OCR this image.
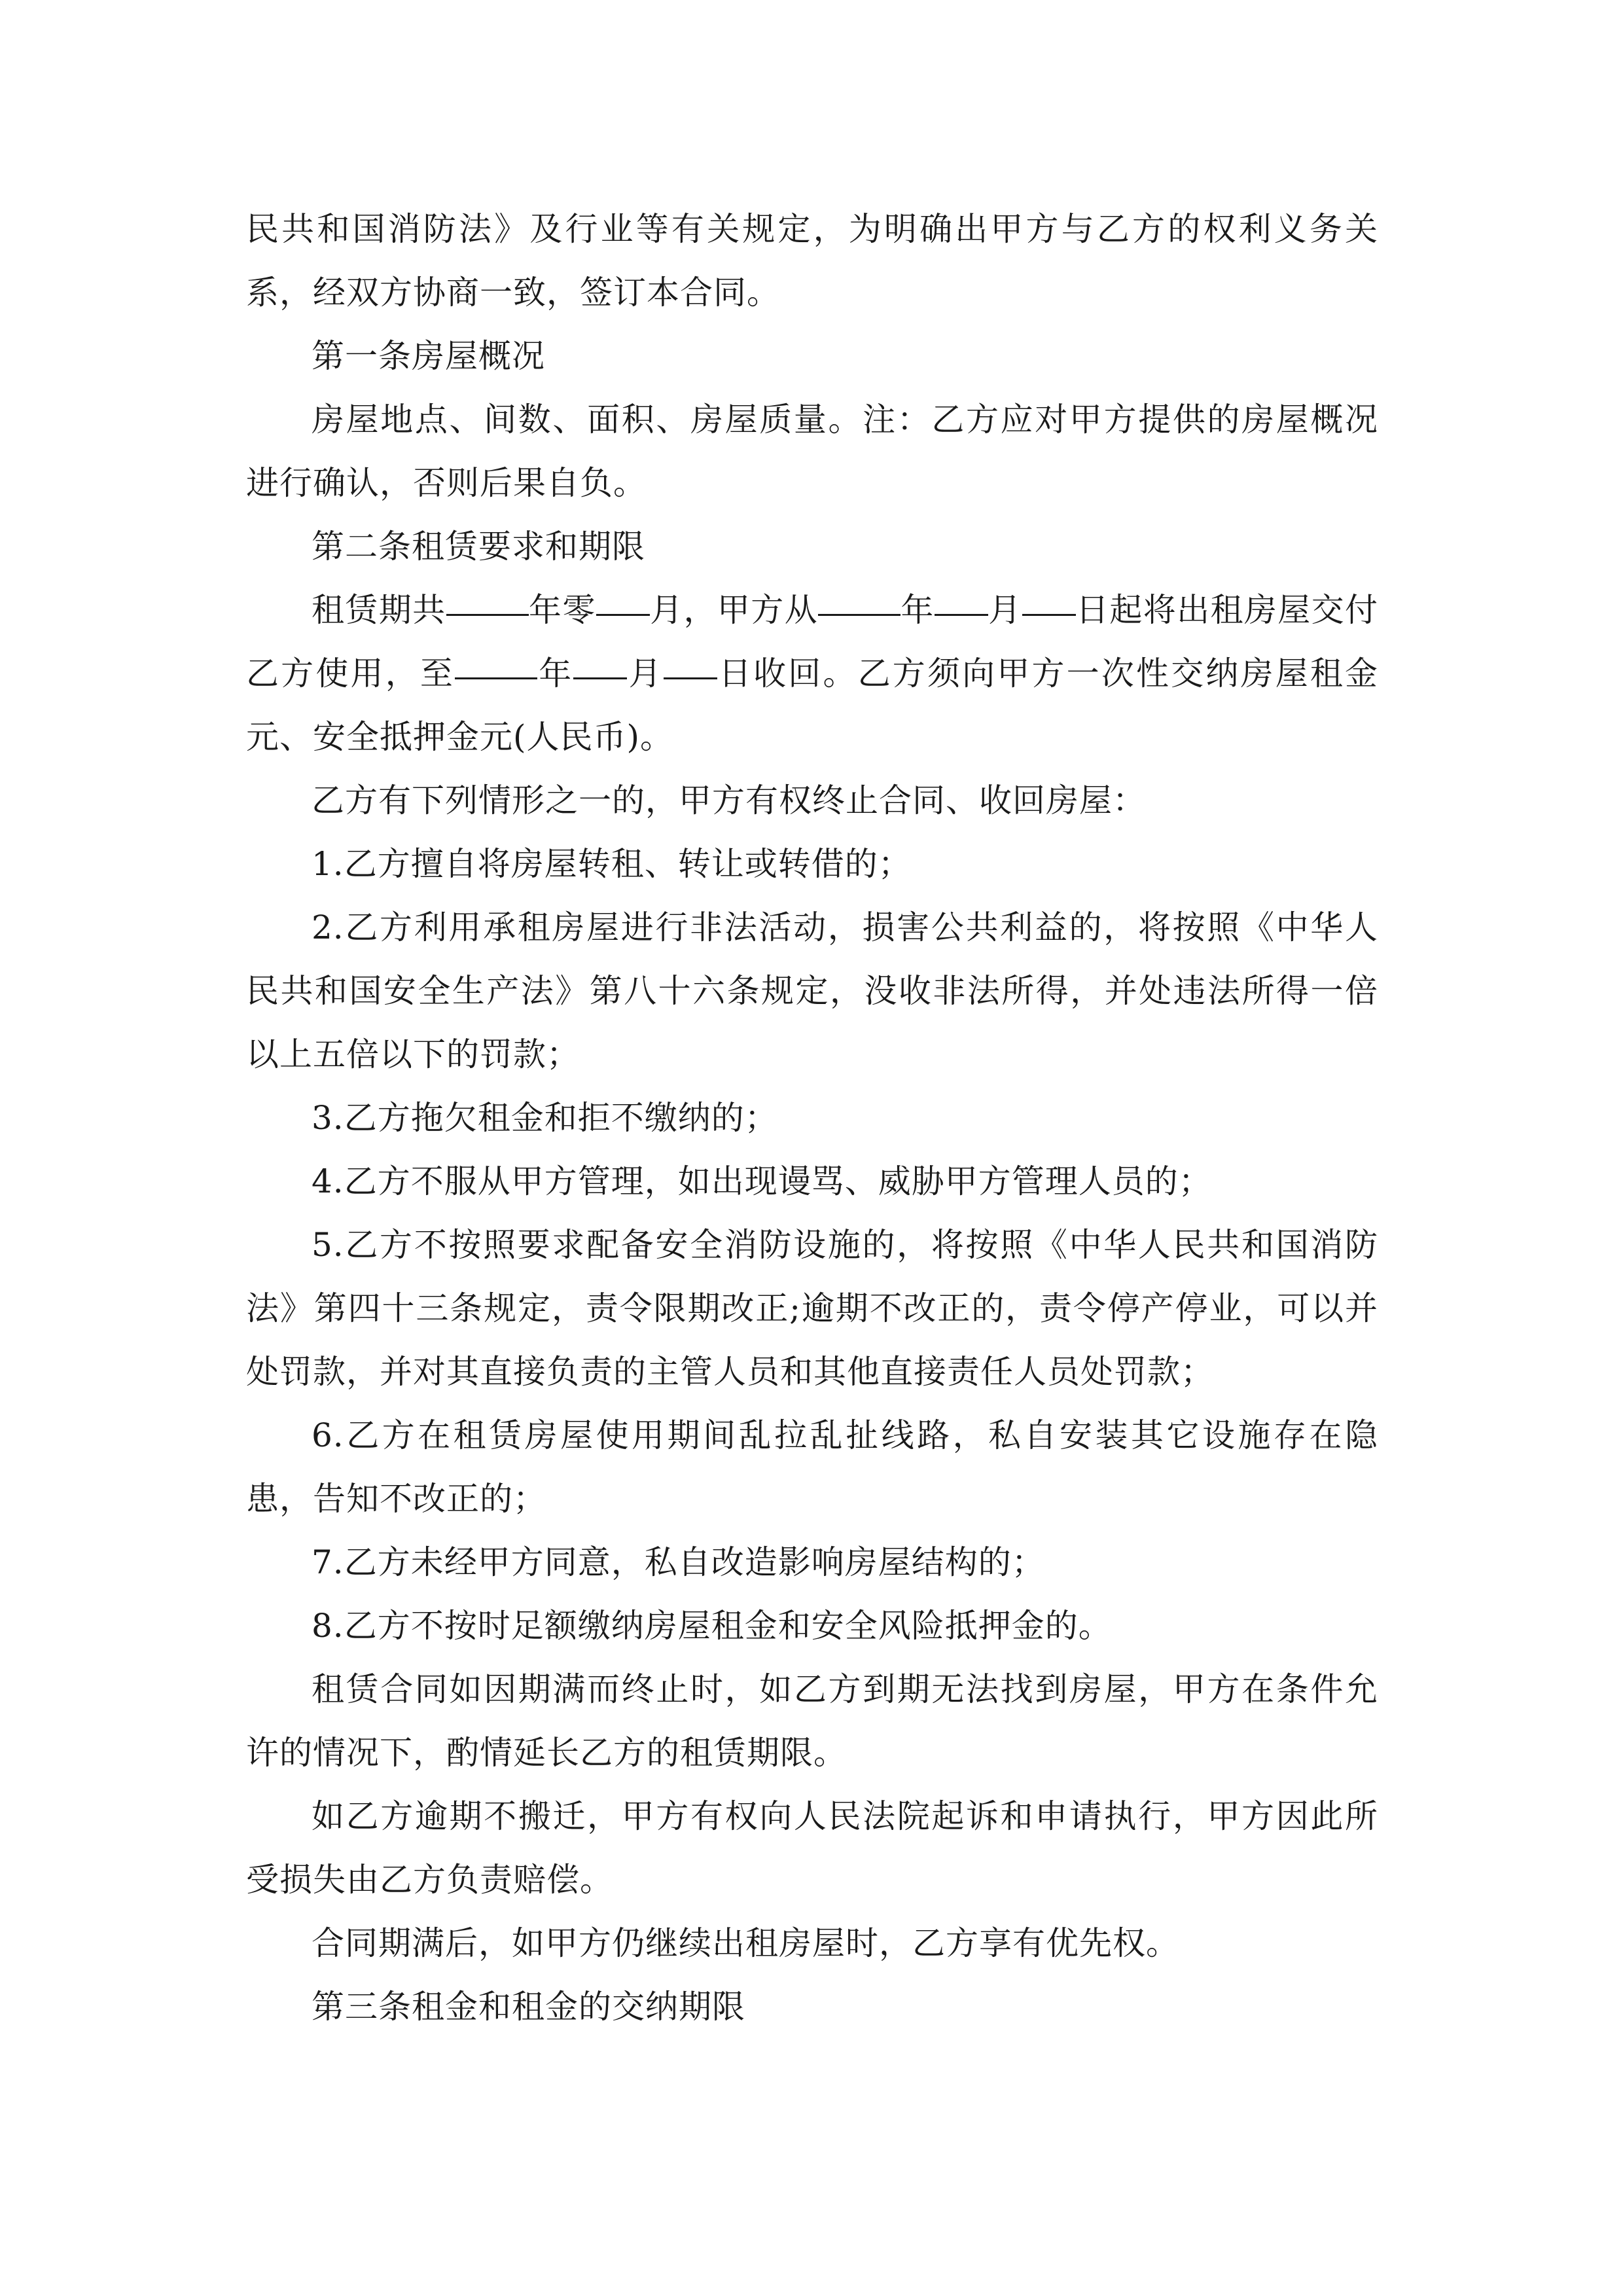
民共和国消防法》及行业等有关规定，为明确出甲方与乙方的权利义务关系，经双方协商一致，签订本合同。

第一条房屋概况

房屋地点、间数、面积、房屋质量。注：乙方应对甲方提供的房屋概况进行确认，否则后果自负。

第二条租赁要求和期限

租赁期共	年零 月，甲方从	年 月 日起将出租房屋交付乙方使用，至	年 月 日收回。乙方须向甲方一次性交纳房屋租金元、安全抵押金元(人民币)。

乙方有下列情形之一的，甲方有权终止合同、收回房屋：

1.乙方擅自将房屋转租、转让或转借的；

2.乙方利用承租房屋进行非法活动，损害公共利益的，将按照《中华人民共和国安全生产法》第八十六条规定，没收非法所得，并处违法所得一倍以上五倍以下的罚款；

3.乙方拖欠租金和拒不缴纳的；

4.乙方不服从甲方管理，如出现谩骂、威胁甲方管理人员的；

5.乙方不按照要求配备安全消防设施的，将按照《中华人民共和国消防法》第四十三条规定，责令限期改正;逾期不改正的，责令停产停业，可以并处罚款，并对其直接负责的主管人员和其他直接责任人员处罚款；

6.乙方在租赁房屋使用期间乱拉乱扯线路，私自安装其它设施存在隐患，告知不改正的；

7.乙方未经甲方同意，私自改造影响房屋结构的；

8.乙方不按时足额缴纳房屋租金和安全风险抵押金的。

租赁合同如因期满而终止时，如乙方到期无法找到房屋，甲方在条件允许的情况下，酌情延长乙方的租赁期限。

如乙方逾期不搬迁，甲方有权向人民法院起诉和申请执行，甲方因此所受损失由乙方负责赔偿。

合同期满后，如甲方仍继续出租房屋时，乙方享有优先权。

第三条租金和租金的交纳期限
